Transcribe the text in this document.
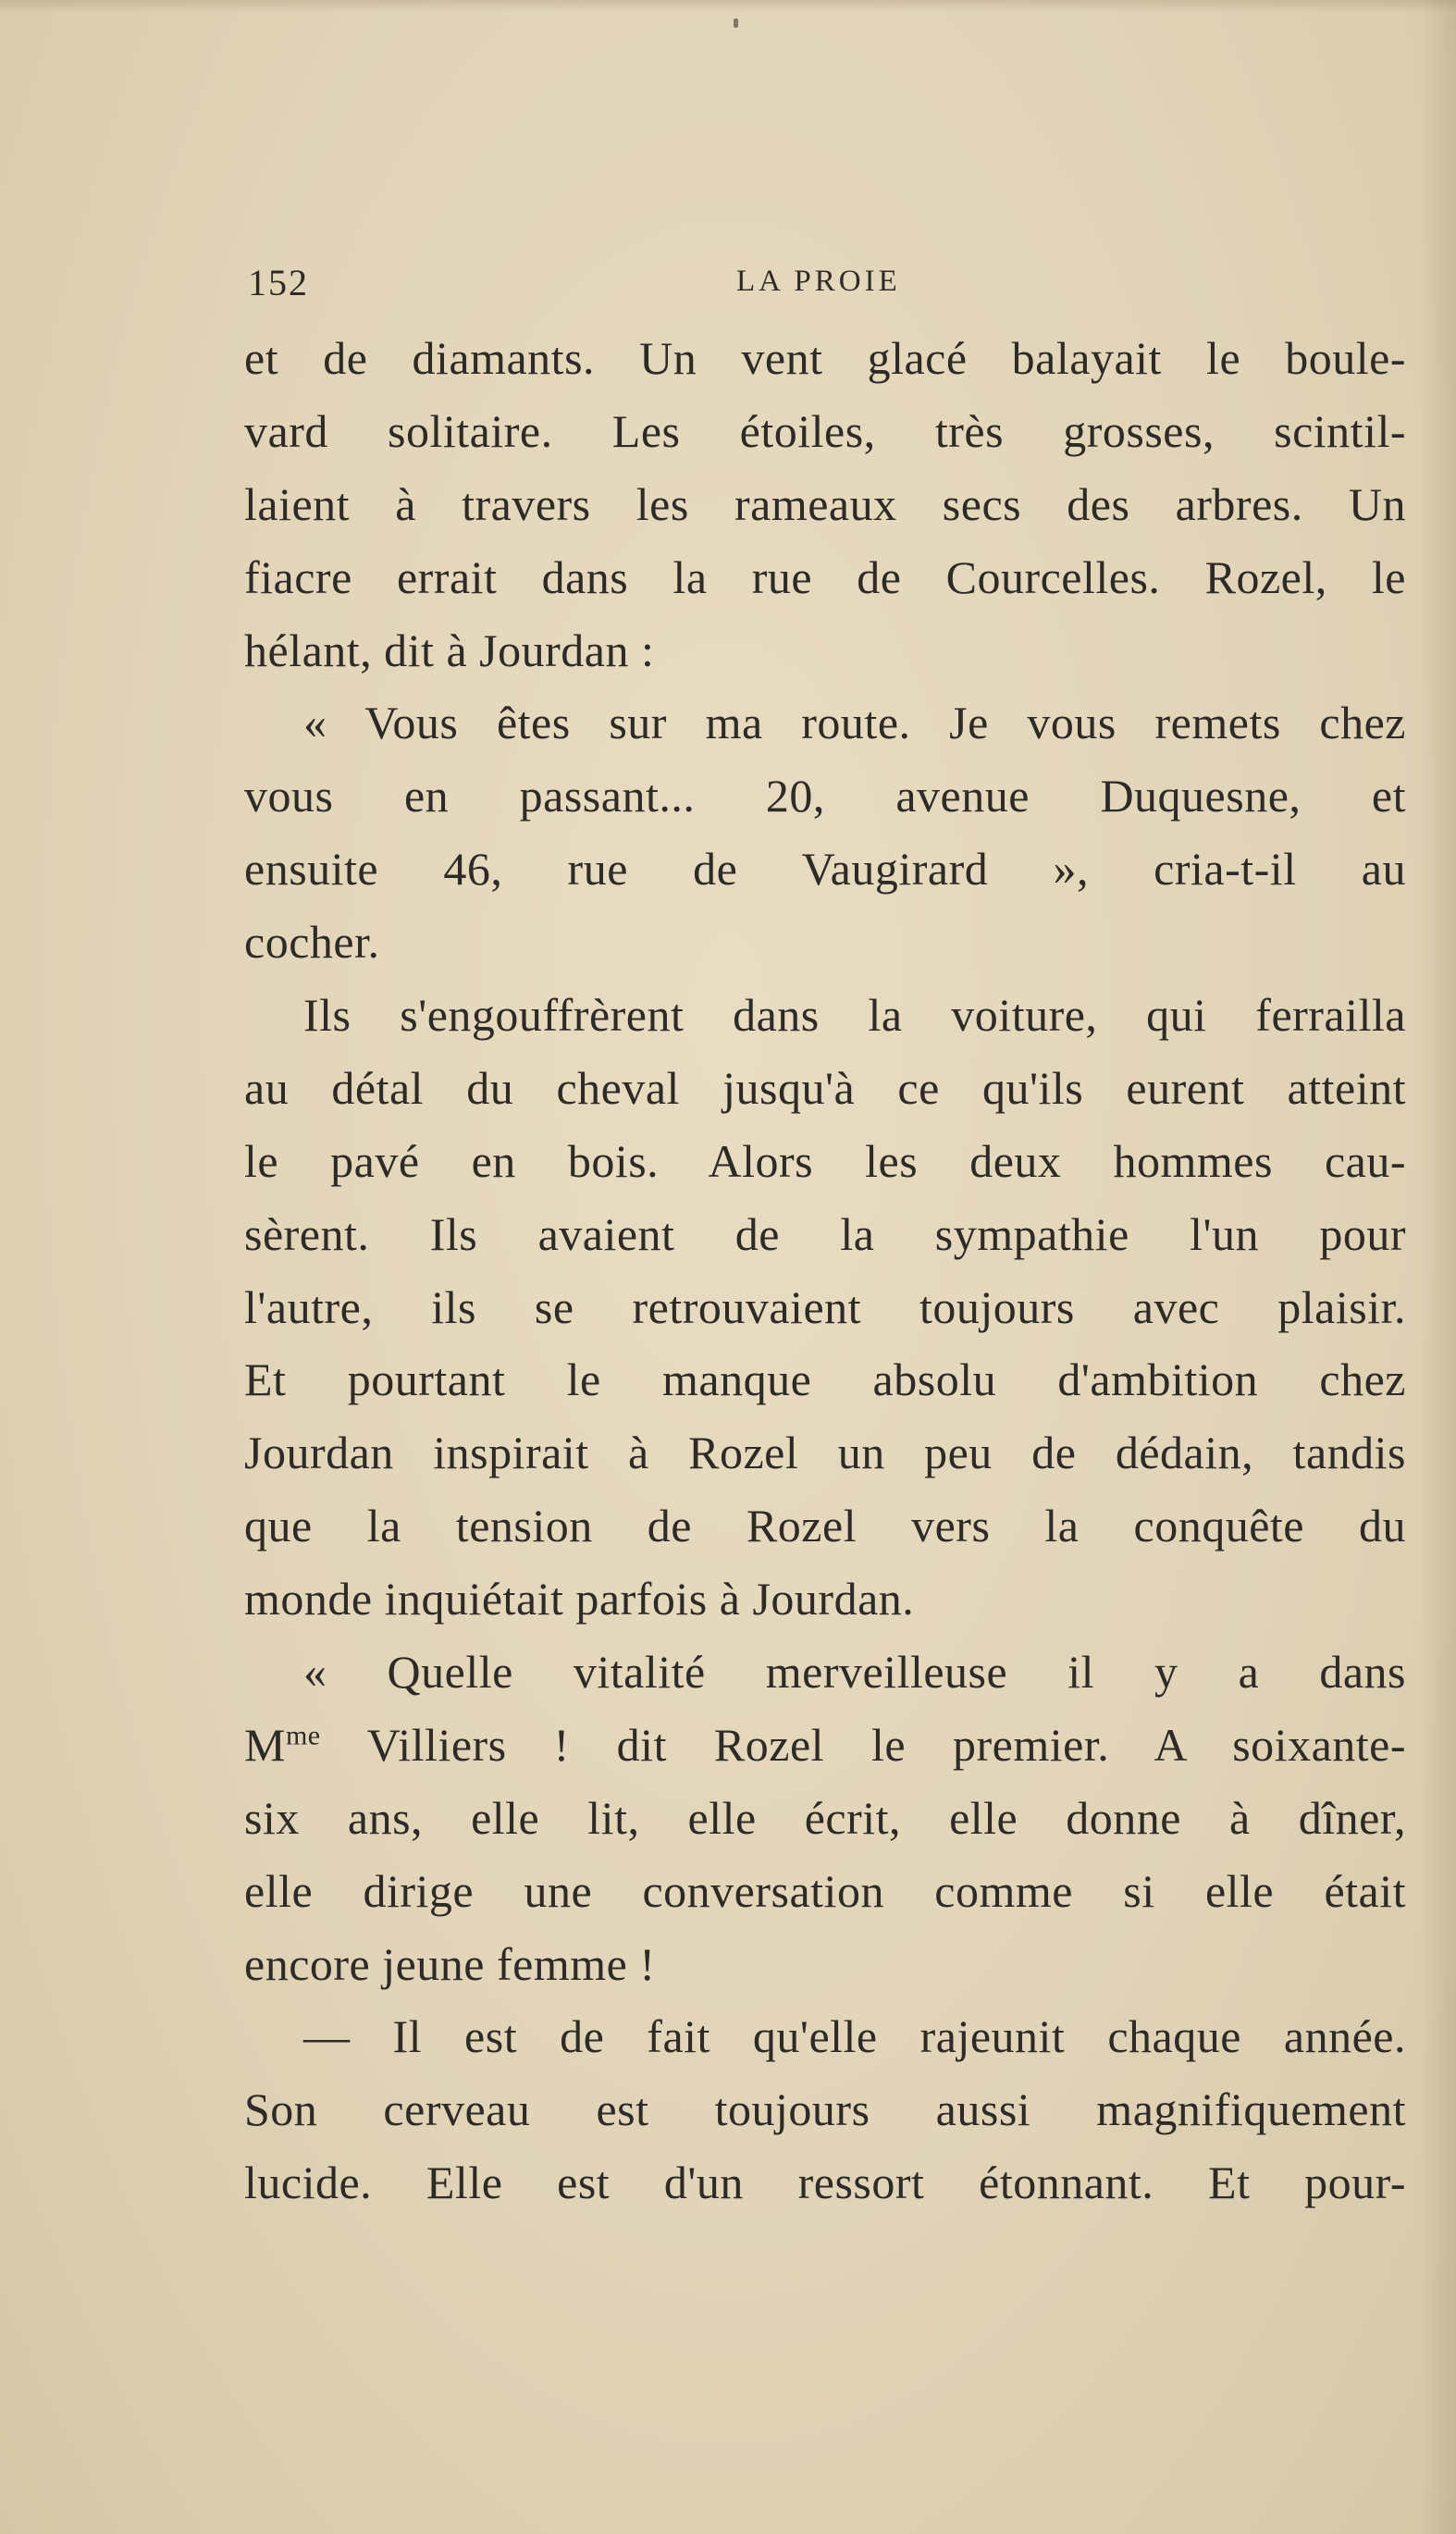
152	LA PROIE
et de diamants. Un vent glacé balayait le boule-
vard solitaire. Les étoiles, très grosses, scintil-
laient à travers les rameaux secs des arbres. Un
fiacre errait dans la rue de Courcelles. Rozel, le
hélant, dit à Jourdan :
« Vous êtes sur ma route. Je vous remets chez
vous en passant... 20, avenue Duquesne, et
ensuite 46, rue de Vaugirard », cria-t-il au
cocher.
Ils s'engouffrèrent dans la voiture, qui ferrailla
au détal du cheval jusqu'à ce qu'ils eurent atteint
le pavé en bois. Alors les deux hommes cau-
sèrent. Ils avaient de la sympathie l'un pour
l'autre, ils se retrouvaient toujours avec plaisir.
Et pourtant le manque absolu d'ambition chez
Jourdan inspirait à Rozel un peu de dédain, tandis
que la tension de Rozel vers la conquête du
monde inquiétait parfois à Jourdan.
« Quelle vitalité merveilleuse il y a dans
$M^{me}$ Villiers ! dit Rozel le premier. A soixante-
six ans, elle lit, elle écrit, elle donne à dîner,
elle dirige une conversation comme si elle était
encore jeune femme !
— Il est de fait qu'elle rajeunit chaque année.
Son cerveau est toujours aussi magnifiquement
lucide. Elle est d'un ressort étonnant. Et pour-
